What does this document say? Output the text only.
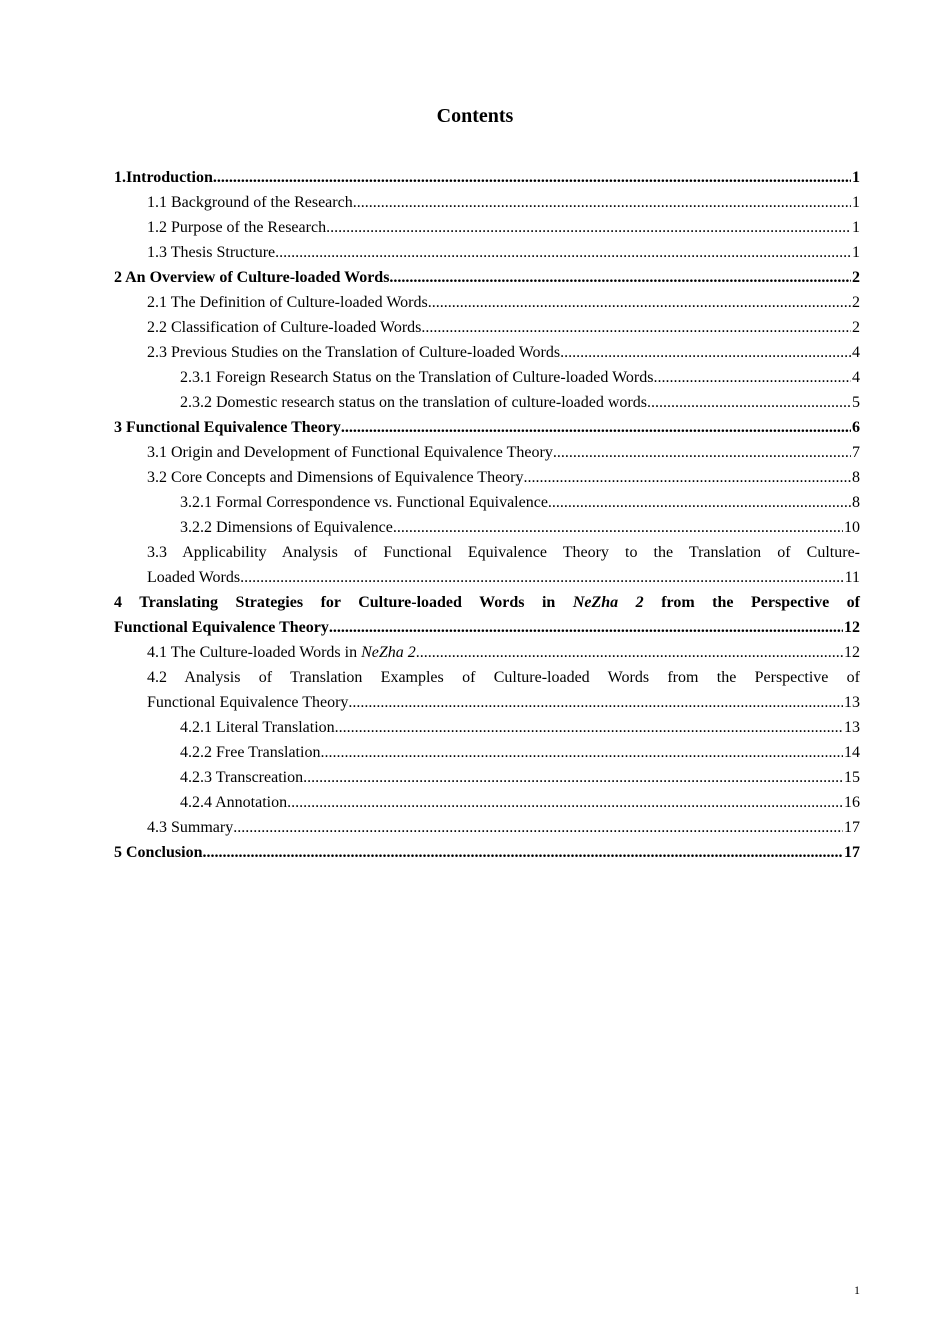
Contents
1.Introduction .....	1
1.1 Background of the Research .....	1
1.2 Purpose of the Research .....	1
1.3 Thesis Structure .....	1
2 An Overview of Culture-loaded Words .....	2
2.1 The Definition of Culture-loaded Words .....	2
2.2 Classification of Culture-loaded Words .....	2
2.3 Previous Studies on the Translation of Culture-loaded Words .....	4
2.3.1 Foreign Research Status on the Translation of Culture-loaded Words .....	4
2.3.2 Domestic research status on the translation of culture-loaded words .....	5
3 Functional Equivalence Theory .....	6
3.1 Origin and Development of Functional Equivalence Theory .....	7
3.2 Core Concepts and Dimensions of Equivalence Theory .....	8
3.2.1 Formal Correspondence vs. Functional Equivalence .....	8
3.2.2 Dimensions of Equivalence .....	10
3.3 Applicability Analysis of Functional Equivalence Theory to the Translation of Culture-
Loaded Words .....	11
4 Translating Strategies for Culture-loaded Words in NeZha 2 from the Perspective of
Functional Equivalence Theory .....	12
4.1 The Culture-loaded Words in NeZha 2 .....	12
4.2 Analysis of Translation Examples of Culture-loaded Words from the Perspective of
Functional Equivalence Theory .....	13
4.2.1 Literal Translation .....	13
4.2.2 Free Translation .....	14
4.2.3 Transcreation .....	15
4.2.4 Annotation .....	16
4.3 Summary .....	17
5 Conclusion .....	17
1
